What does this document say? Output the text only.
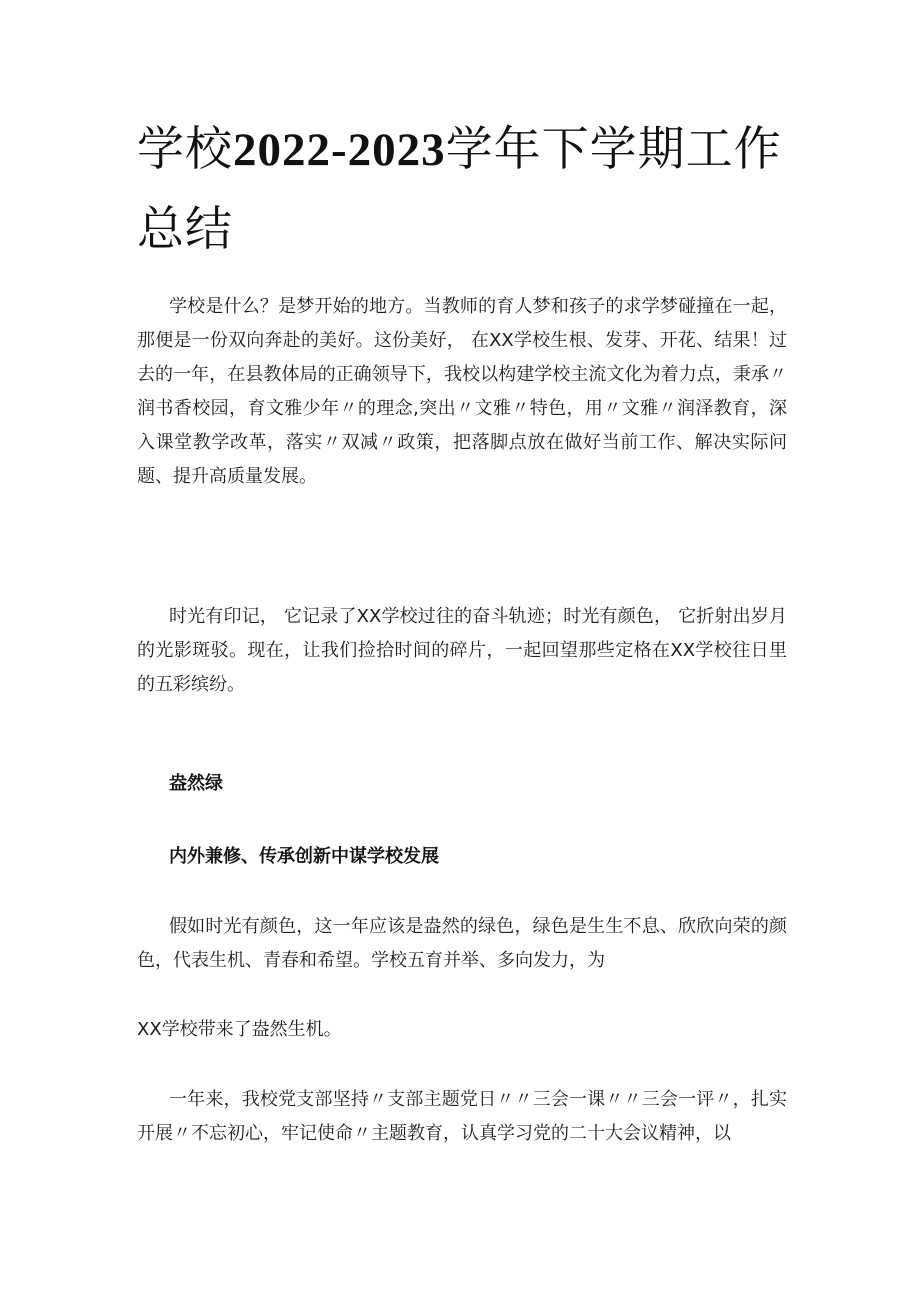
学校2022-2023学年下学期工作总结

学校是什么？是梦开始的地方。当教师的育人梦和孩子的求学梦碰撞在一起，那便是一份双向奔赴的美好。这份美好， 在XX学校生根、发芽、开花、结果！过去的一年，在县教体局的正确领导下，我校以构建学校主流文化为着力点，秉承〃润书香校园，育文雅少年〃的理念,突出〃文雅〃特色，用〃文雅〃润泽教育，深入课堂教学改革，落实〃双减〃政策，把落脚点放在做好当前工作、解决实际问题、提升高质量发展。

时光有印记， 它记录了XX学校过往的奋斗轨迹；时光有颜色， 它折射出岁月的光影斑驳。现在，让我们捡拾时间的碎片，一起回望那些定格在XX学校往日里的五彩缤纷。

盎然绿

内外兼修、传承创新中谋学校发展

假如时光有颜色，这一年应该是盎然的绿色，绿色是生生不息、欣欣向荣的颜色，代表生机、青春和希望。学校五育并举、多向发力，为

XX学校带来了盎然生机。

一年来，我校党支部坚持〃支部主题党日〃〃三会一课〃〃三会一评〃，扎实开展〃不忘初心，牢记使命〃主题教育，认真学习党的二十大会议精神，以
